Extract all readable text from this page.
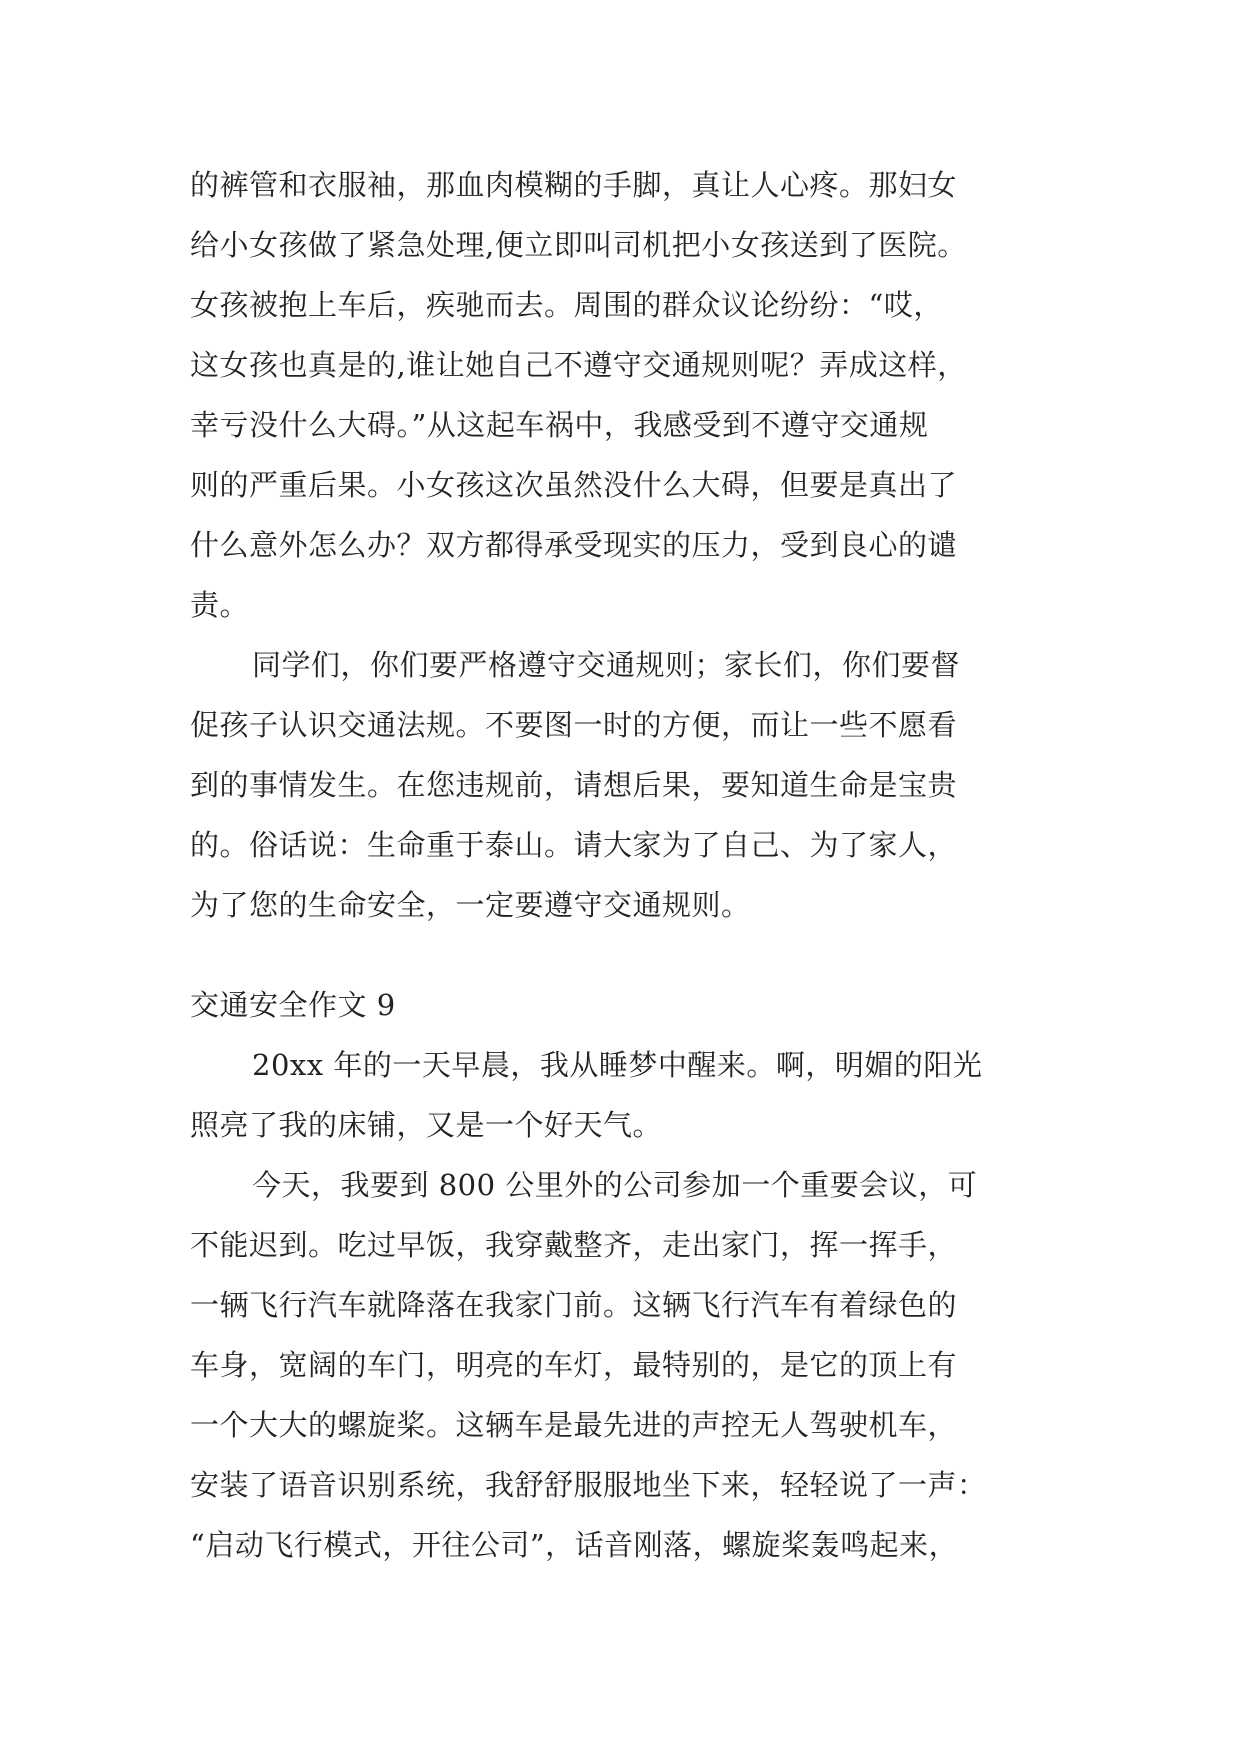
的裤管和衣服袖，那血肉模糊的手脚，真让人心疼。那妇女
给小女孩做了紧急处理,便立即叫司机把小女孩送到了医院。
女孩被抱上车后，疾驰而去。周围的群众议论纷纷：“哎，
这女孩也真是的,谁让她自己不遵守交通规则呢？弄成这样，
幸亏没什么大碍。”从这起车祸中，我感受到不遵守交通规
则的严重后果。小女孩这次虽然没什么大碍，但要是真出了
什么意外怎么办？双方都得承受现实的压力，受到良心的谴
责。
同学们，你们要严格遵守交通规则；家长们，你们要督
促孩子认识交通法规。不要图一时的方便，而让一些不愿看
到的事情发生。在您违规前，请想后果，要知道生命是宝贵
的。俗话说：生命重于泰山。请大家为了自己、为了家人，
为了您的生命安全，一定要遵守交通规则。
交通安全作文 9
20xx 年的一天早晨，我从睡梦中醒来。啊，明媚的阳光
照亮了我的床铺，又是一个好天气。
今天，我要到 800 公里外的公司参加一个重要会议，可
不能迟到。吃过早饭，我穿戴整齐，走出家门，挥一挥手，
一辆飞行汽车就降落在我家门前。这辆飞行汽车有着绿色的
车身，宽阔的车门，明亮的车灯，最特别的，是它的顶上有
一个大大的螺旋桨。这辆车是最先进的声控无人驾驶机车，
安装了语音识别系统，我舒舒服服地坐下来，轻轻说了一声：
“启动飞行模式，开往公司”，话音刚落，螺旋桨轰鸣起来，
